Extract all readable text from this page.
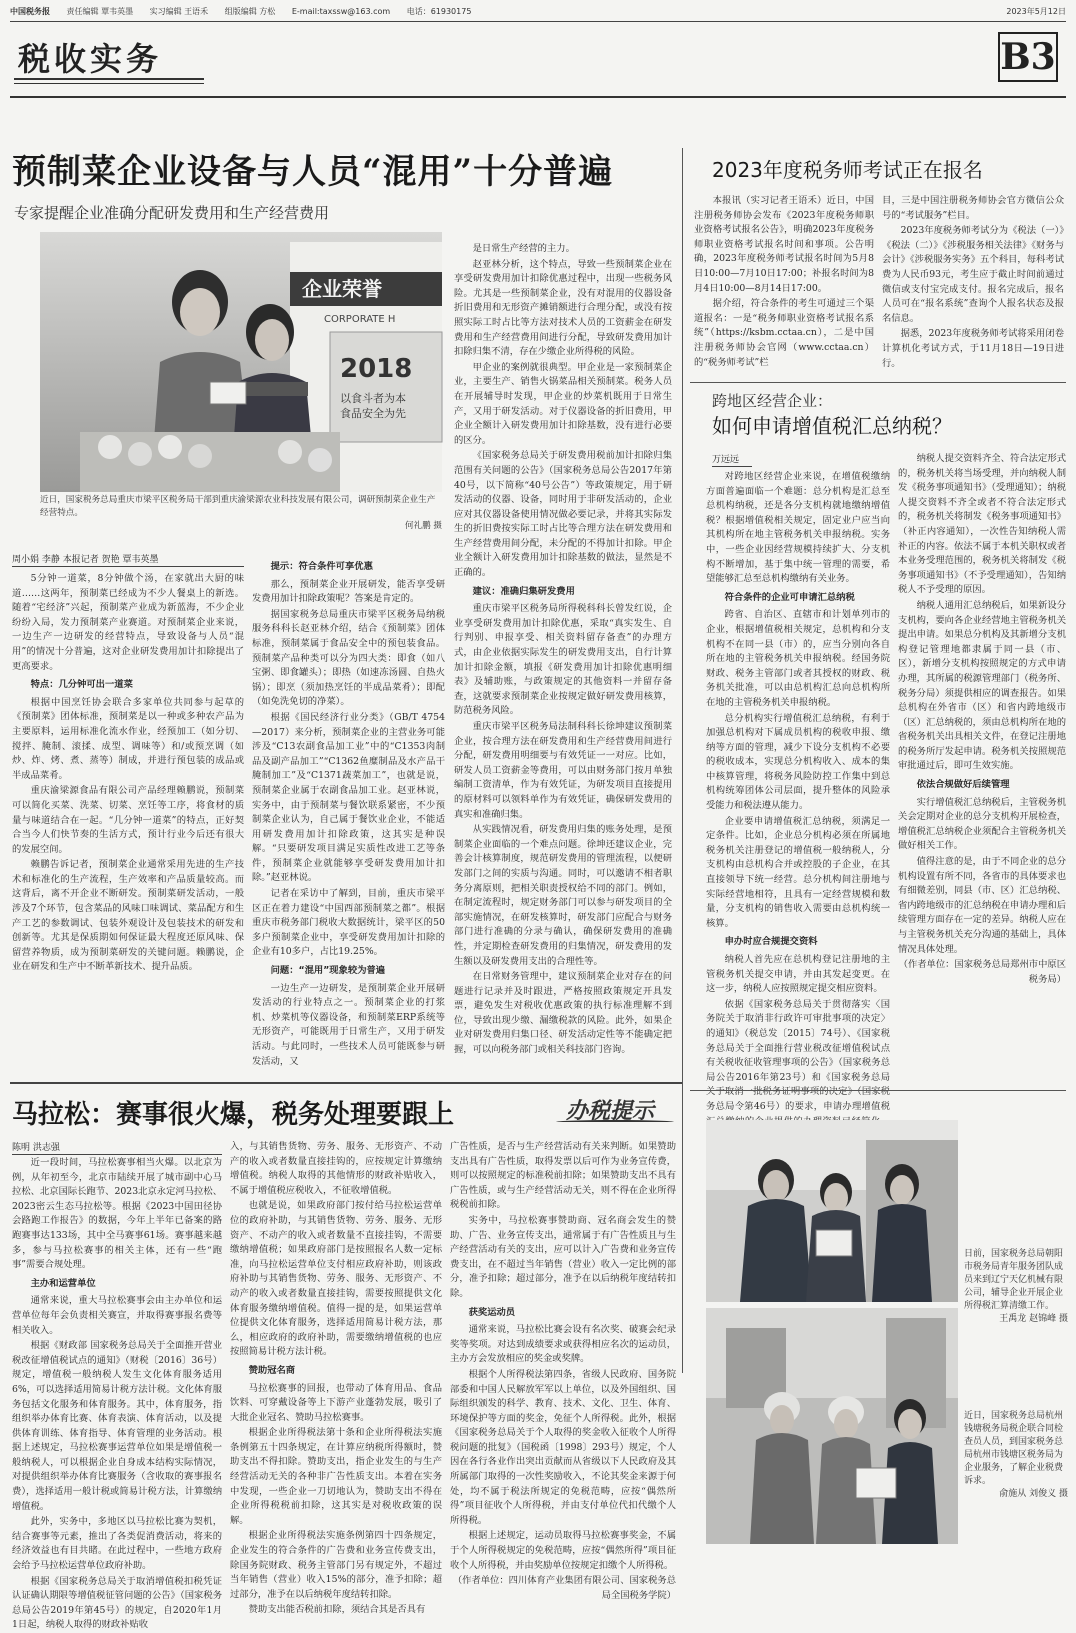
中国税务报 责任编辑 覃韦英墨 实习编辑 王语禾 组版编辑 方松 E-mail:taxssw@163.com 电话：61930175	2023年5月12日
税收实务	B3
预制菜企业设备与人员“混用”十分普遍
专家提醒企业准确分配研发费用和生产经营费用
企业荣誉
CORPORATE H
2018
以食斗者为本
食品安全为先
近日，国家税务总局重庆市梁平区税务局干部到重庆渝梁源农业科技发展有限公司，调研预制菜企业生产经营特点。
何礼鹏 摄
周小娟 李静 本报记者 贺艳 覃韦英墨

5分钟一道菜，8分钟做个汤，在家就出大厨的味道……这两年，预制菜已经成为不少人餐桌上的新选。随着“宅经济”兴起，预制菜产业成为新蓝海，不少企业纷纷入局，发力预制菜产业赛道。对预制菜企业来说，一边生产一边研发的经营特点，导致设备与人员“混用”的情况十分普遍，这对企业研发费用加计扣除提出了更高要求。

特点：几分钟可出一道菜

根据中国烹饪协会联合多家单位共同参与起草的《预制菜》团体标准，预制菜是以一种或多种农产品为主要原料，运用标准化流水作业，经预加工（如分切、搅拌、腌制、滚揉、成型、调味等）和/或预烹调（如炒、炸、烤、煮、蒸等）制成，并进行预包装的成品或半成品菜肴。

重庆渝梁源食品有限公司产品经理赖鹏说，预制菜可以简化买菜、洗菜、切菜、烹饪等工序，将食材的质量与味道结合在一起。“几分钟一道菜”的特点，正好契合当今人们快节奏的生活方式，预计行业今后还有很大的发展空间。

赖鹏告诉记者，预制菜企业通常采用先进的生产技术和标准化的生产流程，生产效率和产品质量较高。而这背后，离不开企业不断研发。预制菜研发活动，一般涉及7个环节，包含菜品的风味口味调试、菜品配方和生产工艺的参数调试、包装外观设计及包装技术的研发和创新等。尤其是保质期如何保证最大程度还原风味、保留营养物质，成为预制菜研发的关键问题。赖鹏说，企业在研发和生产中不断革新技术、提升品质。

提示：符合条件可享优惠

那么，预制菜企业开展研发，能否享受研发费用加计扣除政策呢？答案是肯定的。

据国家税务总局重庆市梁平区税务局纳税服务科科长赵亚林介绍，结合《预制菜》团体标准，预制菜属于食品安全中的预包装食品。预制菜产品种类可以分为四大类：即食（如八宝粥、即食罐头）；即热（如速冻汤圆、自热火锅）；即烹（须加热烹饪的半成品菜肴）；即配（如免洗免切的净菜）。

根据《国民经济行业分类》（GB/T 4754—2017）来分析，预制菜企业的主营业务可能涉及“C13农副食品加工业”中的“C1353肉制品及副产品加工”“C1362鱼糜制品及水产品干腌制加工”及“C1371蔬菜加工”，也就是说，预制菜企业属于农副食品加工业。赵亚林说，实务中，由于预制菜与餐饮联系紧密，不少预制菜企业认为，自己属于餐饮业企业，不能适用研发费用加计扣除政策，这其实是种误解。“只要研发项目满足实质性改进工艺等条件，预制菜企业就能够享受研发费用加计扣除。”赵亚林说。

记者在采访中了解到，目前，重庆市梁平区正在着力建设“中国西部预制菜之都”。根据重庆市税务部门税收大数据统计，梁平区的50多户预制菜企业中，享受研发费用加计扣除的企业有10多户，占比19.25%。

问题：“混用”现象较为普遍

一边生产一边研发，是预制菜企业开展研发活动的行业特点之一。预制菜企业的打浆机、炒菜机等仪器设备，和预制菜ERP系统等无形资产，可能既用于日常生产，又用于研发活动。与此同时，一些技术人员可能既参与研发活动，又

是日常生产经营的主力。

赵亚林分析，这个特点，导致一些预制菜企业在享受研发费用加计扣除优惠过程中，出现一些税务风险。尤其是一些预制菜企业，没有对混用的仪器设备折旧费用和无形资产摊销额进行合理分配，或没有按照实际工时占比等方法对技术人员的工资薪金在研发费用和生产经营费用间进行分配，导致研发费用加计扣除归集不清，存在少缴企业所得税的风险。

甲企业的案例就很典型。甲企业是一家预制菜企业，主要生产、销售火锅菜品相关预制菜。税务人员在开展辅导时发现，甲企业的炒菜机既用于日常生产，又用于研发活动。对于仪器设备的折旧费用，甲企业全额计入研发费用加计扣除基数，没有进行必要的区分。

《国家税务总局关于研发费用税前加计扣除归集范围有关问题的公告》（国家税务总局公告2017年第40号，以下简称“40号公告”）等政策规定，用于研发活动的仪器、设备，同时用于非研发活动的，企业应对其仪器设备使用情况做必要记录，并将其实际发生的折旧费按实际工时占比等合理方法在研发费用和生产经营费用间分配，未分配的不得加计扣除。甲企业全额计入研发费用加计扣除基数的做法，显然是不正确的。

建议：准确归集研发费用

重庆市梁平区税务局所得税科科长曾发红说，企业享受研发费用加计扣除优惠，采取“真实发生、自行判别、申报享受、相关资料留存备查”的办理方式，由企业依据实际发生的研发费用支出，自行计算加计扣除金额，填报《研发费用加计扣除优惠明细表》及辅助账，与政策规定的其他资料一并留存备查，这就要求预制菜企业按规定做好研发费用核算，防范税务风险。

重庆市梁平区税务局法制科科长徐坤建议预制菜企业，按合理方法在研发费用和生产经营费用间进行分配，研发费用明细要与有效凭证一一对应。比如，研发人员工资薪金等费用，可以由财务部门按月单独编制工资清单，作为有效凭证，为研发项目直接提用的原材料可以领料单作为有效凭证，确保研发费用的真实和准确归集。

从实践情况看，研发费用归集的账务处理，是预制菜企业面临的一个难点问题。徐坤还建议企业，完善会计核算制度，规范研发费用的管理流程，以便研发部门之间的实质与沟通。同时，可以邀请不相者职务分离原则，把相关职责授权给不同的部门。例如，在制定流程时，规定财务部门可以参与研发项目的全部实施情况，在研发核算时，研发部门应配合与财务部门进行准确的分录与确认，确保研发费用的准确性，并定期检查研发费用的归集情况，研发费用的发生额以及研发费用支出的合理性等。

在日常财务管理中，建议预制菜企业对存在的问题进行记录并及时跟进，严格按照政策规定开具发票，避免发生对税收优惠政策的执行标准理解不到位，导致出现少缴、漏缴税款的风险。此外，如果企业对研发费用归集口径、研发活动定性等不能确定把握，可以向税务部门或相关科技部门咨询。

2023年度税务师考试正在报名

本报讯（实习记者王语禾）近日，中国注册税务师协会发布《2023年度税务师职业资格考试报名公告》，明确2023年度税务师职业资格考试报名时间和事项。公告明确，2023年度税务师考试报名时间为5月8日10:00—7月10日17:00；补报名时间为8月4日10:00—8月14日17:00。

据介绍，符合条件的考生可通过三个渠道报名：一是“税务师职业资格考试报名系统”（https://ksbm.cctaa.cn），二是中国注册税务师协会官网（www.cctaa.cn）的“税务师考试”栏

目，三是中国注册税务师协会官方微信公众号的“考试服务”栏目。

2023年度税务师考试分为《税法（一）》《税法（二）》《涉税服务相关法律》《财务与会计》《涉税服务实务》五个科目，每科考试费为人民币93元，考生应于截止时间前通过微信或支付宝完成支付。报名完成后，报名人员可在“报名系统”查询个人报名状态及报名信息。

据悉，2023年度税务师考试将采用闭卷计算机化考试方式，于11月18日—19日进行。

跨地区经营企业：
如何申请增值税汇总纳税？
万远远

对跨地区经营企业来说，在增值税缴纳方面普遍面临一个难题：总分机构是汇总至总机构纳税，还是各分支机构就地缴纳增值税？根据增值税相关规定，固定业户应当向其机构所在地主管税务机关申报纳税。实务中，一些企业因经营规模持续扩大、分支机构不断增加，基于集中统一管理的需要，希望能够汇总至总机构缴纳有关业务。

符合条件的企业可申请汇总纳税

跨省、自治区、直辖市和计划单列市的企业，根据增值税相关规定，总机构和分支机构不在同一县（市）的，应当分别向各自所在地的主管税务机关申报纳税。经国务院财政、税务主管部门或者其授权的财政、税务机关批准，可以由总机构汇总向总机构所在地的主管税务机关申报纳税。

总分机构实行增值税汇总纳税，有利于加强总机构对下属成员机构的税收申报、缴纳等方面的管理，减少下设分支机构不必要的税收成本，实现总分机构收入、成本的集中核算管理，将税务风险防控工作集中到总机构统筹团体公司层面，提升整体的风险承受能力和税法遵从能力。

企业要申请增值税汇总纳税，须满足一定条件。比如，企业总分机构必须在所属地税务机关注册登记的增值税一般纳税人，分支机构由总机构合并或控股的子企业，在其直接领导下统一经营。总分机构间注册地与实际经营地相符，且具有一定经营规模和数量，分支机构的销售收入需要由总机构统一核算。

申办时应合规提交资料

纳税人首先应在总机构登记注册地的主管税务机关提交申请，并由其发起变更。在这一步，纳税人应按照规定提交相应资料。

依据《国家税务总局关于贯彻落实〈国务院关于取消非行政许可审批事项的决定〉的通知》（税总发〔2015〕74号）、《国家税务总局关于全面推行营业税改征增值税试点有关税收征收管理事项的公告》（国家税务总局公告2016年第23号）和《国家税务总局关于取消一批税务证明事项的决定》（国家税务总局令第46号）的要求，申请办理增值税

纳税人提交资料齐全、符合法定形式的，税务机关将当场受理，并向纳税人制发《税务事项通知书》（受理通知）；纳税人提交资料不齐全或者不符合法定形式的，税务机关将制发《税务事项通知书》（补正内容通知），一次性告知纳税人需补正的内容。依法不属于本机关职权或者本业务受理范围的，税务机关将制发《税务事项通知书》（不予受理通知），告知纳税人不予受理的原因。

纳税人通用汇总纳税后，如果新设分支机构，要向各企业经营地主管税务机关提出申请。如果总分机构及其新增分支机构登记管理地都隶属于同一县（市、区），新增分支机构按照规定的方式申请办理，其所属的税源管理部门（税务所、税务分局）须提供相应的调查报告。如果总机构在外省市（区）和省内跨地级市（区）汇总纳税的，须由总机构所在地的省税务机关出具相关文件，在登记注册地的税务所厅发起申请。税务机关按照规范审批通过后，即可生效实施。

依法合规做好后续管理

实行增值税汇总纳税后，主管税务机关会定期对企业的总分支机构开展检查，增值税汇总纳税企业须配合主管税务机关做好相关工作。

值得注意的是，由于不同企业的总分机构设置有所不同，各省市的具体要求也有细微差别，同县（市、区）汇总纳税、省内跨地级市的汇总纳税在申请办理和后续管理方面存在一定的差异。纳税人应在与主管税务机关充分沟通的基础上，具体情况具体处理。

（作者单位：国家税务总局郑州市中原区税务局）

办税提示
马拉松：赛事很火爆，税务处理要跟上
陈明 洪志强

近一段时间，马拉松赛事相当火爆。以北京为例，从年初至今，北京市陆续开展了城市副中心马拉松、北京国际长跑节、2023北京永定河马拉松、2023密云生态马拉松等。根据《2023中国田径协会路跑工作报告》的数据，今年上半年已备案的路跑赛事达133场，其中全马赛事61场。赛事越来越多，参与马拉松赛事的相关主体，还有一些“跑事”需要合规处理。

主办和运营单位

通常来说，重大马拉松赛事会由主办单位和运营单位每年会负责相关赛宣，并取得赛事报名费等相关收入。

根据《财政部 国家税务总局关于全面推开营业税改征增值税试点的通知》（财税〔2016〕36号）规定，增值税一般纳税人发生文化体育服务适用6%，可以选择适用简易计税方法计税。文化体育服务包括文化服务和体育服务。其中，体育服务，指组织举办体育比赛、体育表演、体育活动，以及提供体育训练、体育指导、体育管理的业务活动。根据上述规定，马拉松赛事运营单位如果是增值税一般纳税人，可以根据企业自身成本结构实际情况，对提供组织举办体育比赛服务（含收取的赛事报名费），选择适用一般计税或简易计税方法，计算缴纳增值税。

此外，实务中，多地区以马拉松比赛为契机，结合赛事等元素，推出了各类促消费活动，将来的经济效益也有目共睹。在此过程中，一些地方政府会给予马拉松运营单位政府补助。

根据《国家税务总局关于取消增值税扣税凭证认证确认期限等增值税征管问题的公告》（国家税务总局公告2019年第45号）的规定，自2020年1月1日起，纳税人取得的财政补贴收

入，与其销售货物、劳务、服务、无形资产、不动产的收入或者数量直接挂钩的，应按规定计算缴纳增值税。纳税人取得的其他情形的财政补贴收入，不属于增值税应税收入，不征收增值税。

也就是说，如果政府部门按付给马拉松运营单位的政府补助，与其销售货物、劳务、服务、无形资产、不动产的收入或者数量不直接挂钩，不需要缴纳增值税；如果政府部门是按照报名人数一定标准，向马拉松运营单位支付相应政府补助，则该政府补助与其销售货物、劳务、服务、无形资产、不动产的收入或者数量直接挂钩，需要按照提供文化体育服务缴纳增值税。值得一提的是，如果运营单位提供文化体育服务，选择适用简易计税方法，那么，相应政府的政府补助，需要缴纳增值税的也应按照简易计税方法计税。

赞助冠名商

马拉松赛事的回报，也带动了体育用品、食品饮料、可穿戴设备等上下游产业蓬勃发展，吸引了大批企业冠名、赞助马拉松赛事。

根据企业所得税法第十条和企业所得税法实施条例第五十四条规定，在计算应纳税所得额时，赞助支出不得扣除。赞助支出，指企业发生的与生产经营活动无关的各种非广告性质支出。本着在实务中发现，一些企业一刀切地认为，赞助支出不得在企业所得税税前扣除，这其实是对税收政策的误解。

根据企业所得税法实施条例第四十四条规定，企业发生的符合条件的广告费和业务宣传费支出，除国务院财政、税务主管部门另有规定外，不超过当年销售（营业）收入15%的部分，准予扣除；超过部分，准予在以后纳税年度结转扣除。

赞助支出能否税前扣除，须结合其是否具有

广告性质，是否与生产经营活动有关来判断。如果赞助支出具有广告性质，取得发票以后可作为业务宣传费，则可以按照规定的标准税前扣除；如果赞助支出不具有广告性质，或与生产经营活动无关，则不得在企业所得税税前扣除。

实务中，马拉松赛事赞助商、冠名商会发生的赞助、广告、业务宣传支出，通常属于有广告性质且与生产经营活动有关的支出，应可以计入广告费和业务宣传费支出，在不超过当年销售（营业）收入一定比例的部分，准予扣除；超过部分，准予在以后纳税年度结转扣除。

获奖运动员

通常来说，马拉松比赛会设有名次奖、破赛会纪录奖等奖项。对达到成绩要求或获得相应名次的运动员，主办方会发放相应的奖金或奖牌。

根据个人所得税法第四条，省级人民政府、国务院部委和中国人民解放军军以上单位，以及外国组织、国际组织颁发的科学、教育、技术、文化、卫生、体育、环境保护等方面的奖金，免征个人所得税。此外，根据《国家税务总局关于个人取得的奖金收入征收个人所得税问题的批复》（国税函〔1998〕293号）规定，个人因在各行各业作出突出贡献而从省级以下人民政府及其所属部门取得的一次性奖励收入，不论其奖金来源于何处，均不属于税法所规定的免税范畴，应按“偶然所得”项目征收个人所得税，并由支付单位代扣代缴个人所得税。

根据上述规定，运动员取得马拉松赛事奖金，不属于个人所得税规定的免税范畴，应按“偶然所得”项目征收个人所得税，并由奖励单位按规定扣缴个人所得税。

（作者单位：四川体育产业集团有限公司、国家税务总局全国税务学院）

日前，国家税务总局朝阳市税务局青年服务团队成员来到辽宁天亿机械有限公司，辅导企业开展企业所得税汇算清缴工作。
王禹龙 赵锦峰 摄
近日，国家税务总局杭州钱塘税务局税企联合同检查员人员，到国家税务总局杭州市钱塘区税务局为企业服务，了解企业税费诉求。
俞施从 刘俊义 摄
